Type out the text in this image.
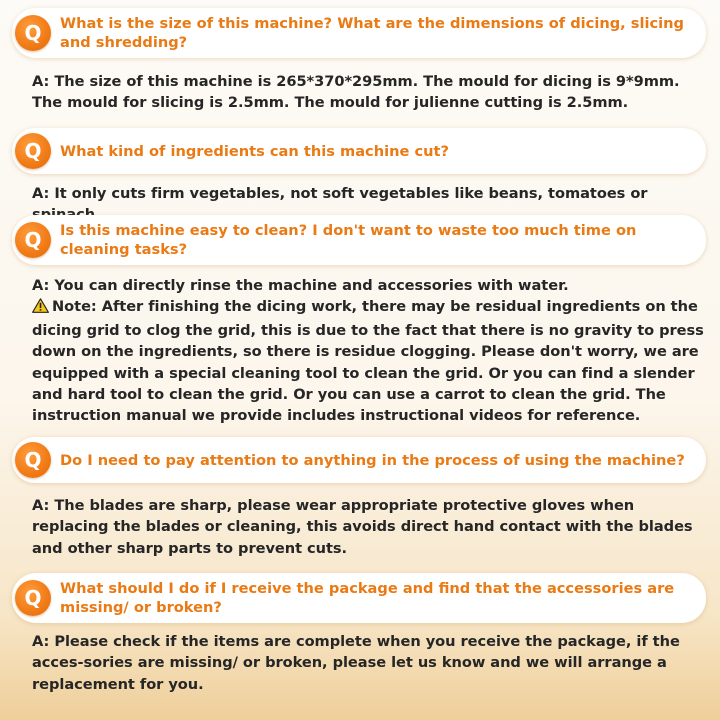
Q	What is the size of this machine? What are the dimensions of dicing, slicing and shredding?

A: The size of this machine is 265*370*295mm. The mould for dicing is 9*9mm. The mould for slicing is 2.5mm. The mould for julienne cutting is 2.5mm.

Q	What kind of ingredients can this machine cut?

A: It only cuts firm vegetables, not soft vegetables like beans, tomatoes or

Q	Is this machine easy to clean? I don't want to waste too much time on cleaning tasks?

A: You can directly rinse the machine and accessories with water.

Note: After finishing the dicing work, there may be residual ingredients on the dicing grid to clog the grid, this is due to the fact that there is no gravity to press down on the ingredients, so there is residue clogging. Please don't worry, we are equipped with a special cleaning tool to clean the grid. Or you can find a slender and hard tool to clean the grid. Or you can use a carrot to clean the grid. The instruction manual we provide includes instructional videos for reference.

Q	Do I need to pay attention to anything in the process of using the machine?

A: The blades are sharp, please wear appropriate protective gloves when replacing the blades or cleaning, this avoids direct hand contact with the blades and other sharp parts to prevent cuts.

Q	What should I do if I receive the package and find that the accessories are missing/ or broken?

A: Please check if the items are complete when you receive the package, if the acces-sories are missing/ or broken, please let us know and we will arrange a replacement for you.
